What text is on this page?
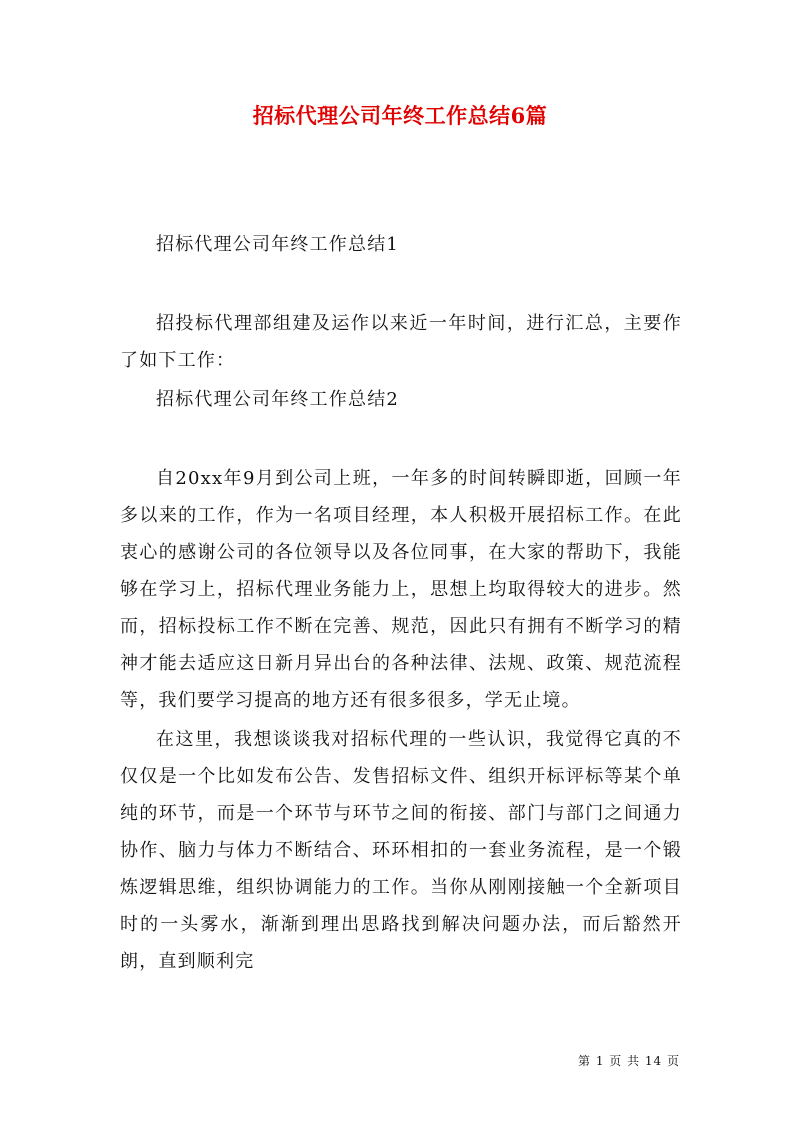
招标代理公司年终工作总结6篇

招标代理公司年终工作总结1

招投标代理部组建及运作以来近一年时间，进行汇总，主要作了如下工作：

招标代理公司年终工作总结2

自20xx年9月到公司上班，一年多的时间转瞬即逝，回顾一年多以来的工作，作为一名项目经理，本人积极开展招标工作。在此衷心的感谢公司的各位领导以及各位同事，在大家的帮助下，我能够在学习上，招标代理业务能力上，思想上均取得较大的进步。然而，招标投标工作不断在完善、规范，因此只有拥有不断学习的精神才能去适应这日新月异出台的各种法律、法规、政策、规范流程等，我们要学习提高的地方还有很多很多，学无止境。

在这里，我想谈谈我对招标代理的一些认识，我觉得它真的不仅仅是一个比如发布公告、发售招标文件、组织开标评标等某个单纯的环节，而是一个环节与环节之间的衔接、部门与部门之间通力协作、脑力与体力不断结合、环环相扣的一套业务流程，是一个锻炼逻辑思维，组织协调能力的工作。当你从刚刚接触一个全新项目时的一头雾水，渐渐到理出思路找到解决问题办法，而后豁然开朗，直到顺利完

第 1 页 共 14 页
